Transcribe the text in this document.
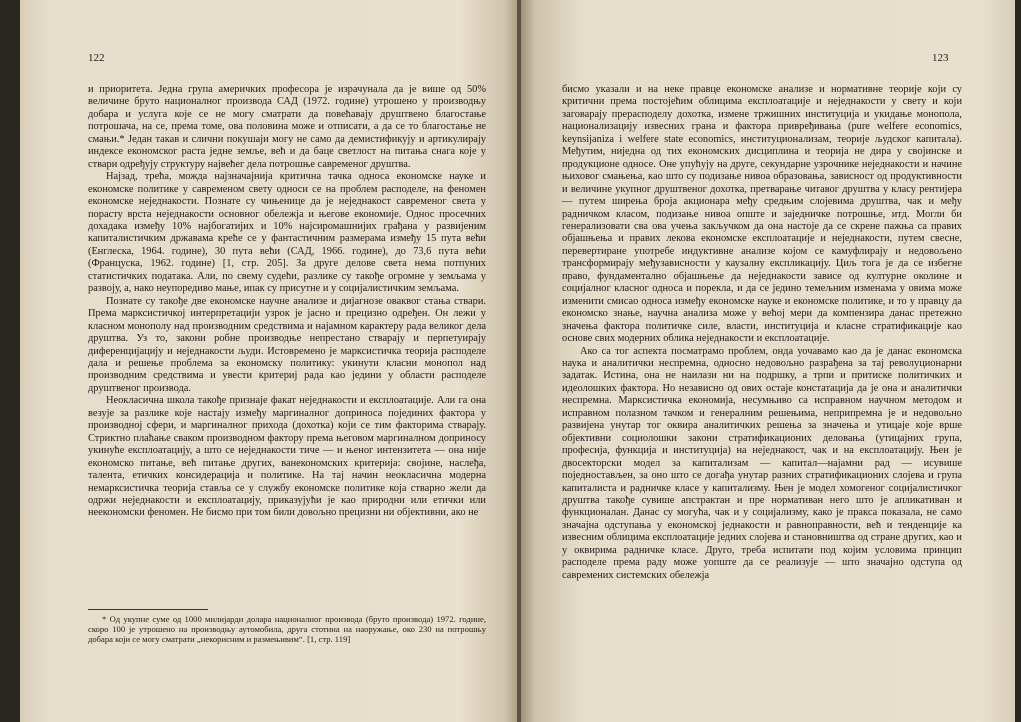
122

и приоритета. Једна група америчких професора је израчунала да је више од 50% величине бруто националног производа САД (1972. године) утрошено у производњу добара и услуга које се не могу сматрати да повећавају друштвено благостање потрошача, на се, према томе, ова половина може и отписати, а да се то благостање не смањи.* Један такав и слични покушаји могу не само да демистификују и артикулирају индексе економског раста једне земље, већ и да баце светлост на питања снага које у ствари одређују структуру највећег дела потрошње савременог друштва.

Најзад, трећа, можда најзначајнија критична тачка односа економске науке и економске политике у савременом свету односи се на проблем расподеле, на феномен економске неједнакости. Познате су чињенице да је неједнакост савременог света у порасту врста неједнакости основног обележја и његове економије. Однос просечних дохадака између 10% најбогатијих и 10% најсиромашнијих грађана у развијеним капиталистичким државама креће се у фантастичним размерама између 15 пута већи (Енглеска, 1964. године), 30 пута већи (САД, 1966. године), до 73,6 пута већи (Француска, 1962. године) [1, стр. 205]. За друге делове света нема потпуних статистичких података. Али, по свему судећи, разлике су такође огромне у земљама у развоју, а, нако неупоредиво мање, ипак су присутне и у социјалистичким земљама.

Познате су такође две економске научне анализе и дијагнозе оваквог стања ствари. Према марксистичкој интерпретацији узрок је јасно и прецизно одређен. Он лежи у класном монополу над производним средствима и најамном карактеру рада великог дела друштва. Уз то, закони робне производње непрестано стварају и перпетуирају диференцијацију и неједнакости људи. Истовремено је марксистичка теорија расподеле дала и решење проблема за економску политику: укинути класни монопол над производним средствима и увести критериј рада као једини у области расподеле друштвеног производа.

Неокласична школа такође признаје факат неједнакости и експлоатације. Али га она везује за разлике које настају између маргиналног доприноса појединих фактора у производној сфери, и маргиналног прихода (дохотка) који се тим факторима стварају. Стриктно плаћање сваком производном фактору према његовом маргиналном доприносу укинуће експлоатацију, а што се неједнакости тиче — и њеног интензитета — она није економско питање, већ питање других, ванекономских критерија: својине, наслеђа, талента, етичких консидерација и политике. На тај начин неокласична модерна немарксистичка теорија ставља се у службу економске политике која стварно жели да одржи неједнакости и експлоатацију, приказујући је као природни или етички или неекономски феномен. Не бисмо при том били довољно прецизни ни објективни, ако не

* Од укупне суме од 1000 милијарди долара националног производа (бруто производа) 1972. године, скоро 100 је утрошено на производњу аутомобила, друга стотина на наоружање, око 230 на потрошњу добара који се могу сматрати „некорисним и размењивим“. [1, стр. 119]

123

бисмо указали и на неке правце економске анализе и нормативне теорије који су критични према постојећим облицима експлоатације и неједнакости у свету и који заговарају прерасподелу дохотка, измене тржишних институција и укидање монопола, национализацију извесних грана и фактора привређивања (pure welfere economics, keynsijaniza i welfere state economics, институционализам, теорије људског капитала). Међутим, ниједна од тих економских дисциплина и теорија не дира у својинске и продукционе односе. Оне упућују на друге, секундарне узрочнике неједнакости и начине њиховог смањења, као што су подизање нивоа образовања, зависност од продуктивности и величине укупног друштвеног дохотка, претварање читавог друштва у класу рентијера — путем ширења броја акционара међу средњим слојевима друштва, чак и међу радничком класом, подизање нивоа опште и заједничке потрошње, итд. Могли би генерализовати сва ова учења закључком да она настоје да се скрене пажња са правих објашњења и правих лекова економске експлоатације и неједнакости, путем свесне, перевертиране употребе индуктивне анализе којом се камуфлирају и недовољено трансформирају међузависности у каузалну експликацију. Циљ тога је да се избегне право, фундаментално објашњење да неједнакости зависе од културне околине и социјалног класног односа и порекла, и да се једино темељним изменама у овима може изменити смисао односа између економске науке и економске политике, и то у правцу да економско знање, научна анализа може у већој мери да компензира данас претежно значења фактора политичке силе, власти, институција и класне стратификације као основе свих модерних облика неједнакости и експлоатације.

Ако са тог аспекта посматрамо проблем, онда уочавамо као да је данас економска наука и аналитички неспремна, односно недовољно разрађена за тај револуционарни задатак. Истина, она не наилази ни на подршку, а трпи и притиске политичких и идеолошких фактора. Но независно од ових остаје констатација да је она и аналитички неспремна. Марксистичка економија, несумњиво са исправном научном методом и исправном полазном тачком и генералним решењима, неприпремна је и недовољно развијена унутар тог оквира аналитичких решења за значења и утицаје које врше објективни социолошки закони стратификационих деловања (утицајних група, професија, функција и институција) на неједнакост, чак и на експлоатацију. Њен је двосекторски модел за капитализам — капитал—најамни рад — исувише поједностављен, за оно што се догађа унутар разних стратификационих слојева и група капиталиста и радничке класе у капитализму. Њен је модел хомогеног социјалистичког друштва такође сувише апстрактан и пре нормативан него што је апликативан и функционалан. Данас су могућа, чак и у социјализму, како је пракса показала, не само значајна одступања у економској једнакости и равноправности, већ и тенденције ка извесним облицима експлоатације једних слојева и становништва од стране других, као и у оквирима радничке класе. Друго, треба испитати под којим условима принцип расподеле према раду може уопште да се реализује — што значајно одступа од савремених системских обележја
